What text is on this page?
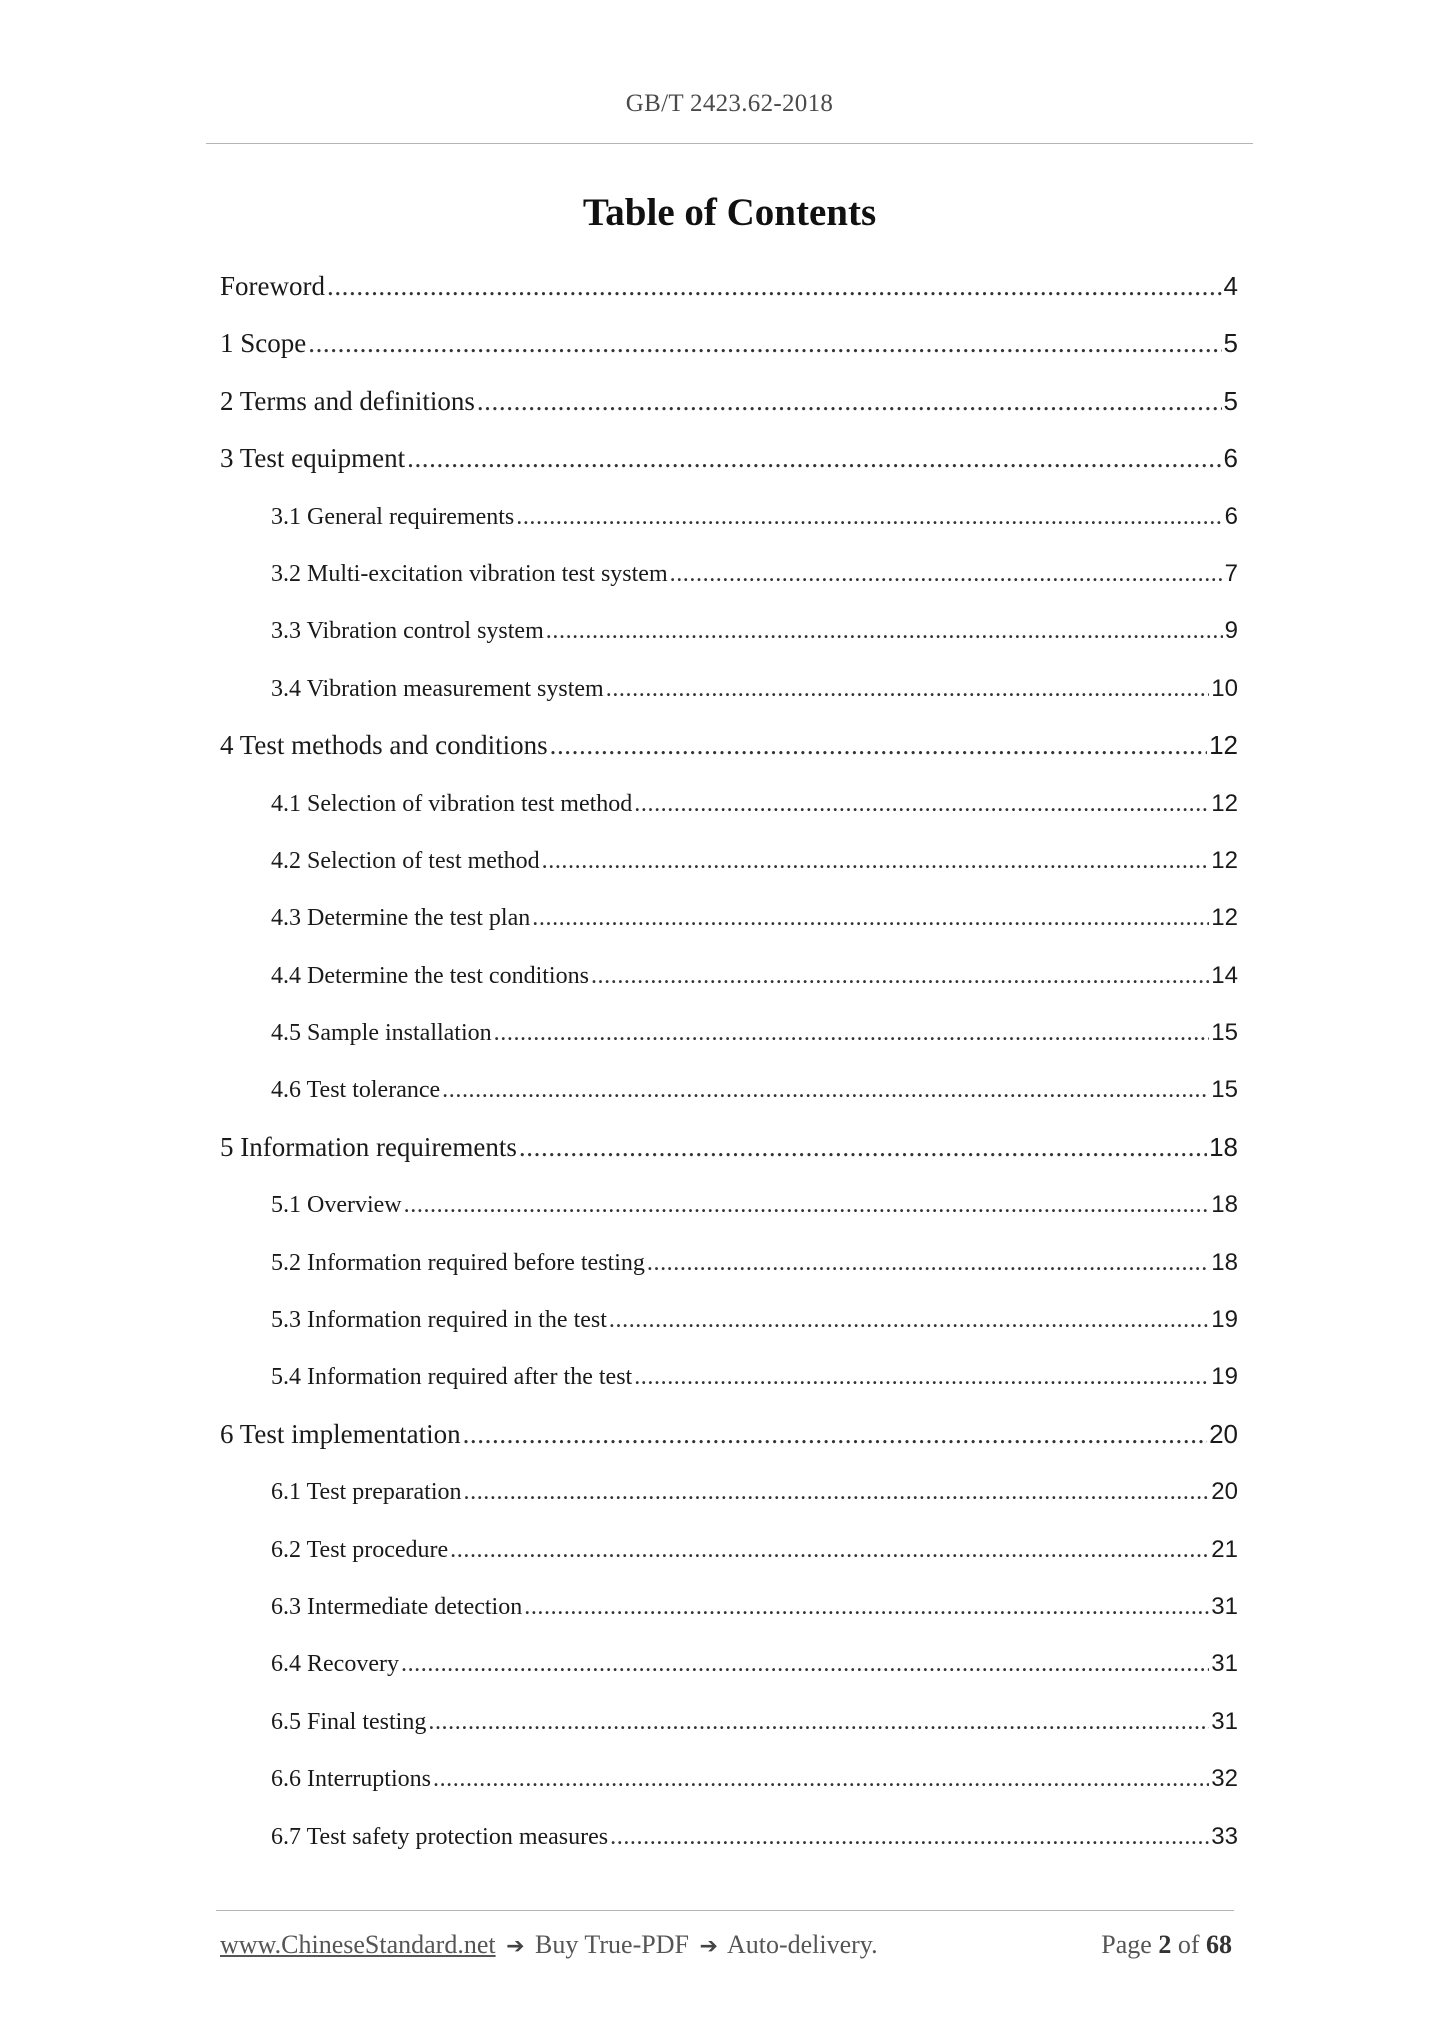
GB/T 2423.62-2018
Table of Contents
Foreword .....	4
1 Scope .....	5
2 Terms and definitions .....	5
3 Test equipment .....	6
3.1 General requirements .....	6
3.2 Multi-excitation vibration test system .....	7
3.3 Vibration control system .....	9
3.4 Vibration measurement system .....	10
4 Test methods and conditions .....	12
4.1 Selection of vibration test method .....	12
4.2 Selection of test method .....	12
4.3 Determine the test plan .....	12
4.4 Determine the test conditions .....	14
4.5 Sample installation .....	15
4.6 Test tolerance .....	15
5 Information requirements .....	18
5.1 Overview .....	18
5.2 Information required before testing .....	18
5.3 Information required in the test .....	19
5.4 Information required after the test .....	19
6 Test implementation .....	20
6.1 Test preparation .....	20
6.2 Test procedure .....	21
6.3 Intermediate detection .....	31
6.4 Recovery .....	31
6.5 Final testing .....	31
6.6 Interruptions .....	32
6.7 Test safety protection measures .....	33
www.ChineseStandard.net ➔ Buy True-PDF ➔ Auto-delivery.	Page 2 of 68
